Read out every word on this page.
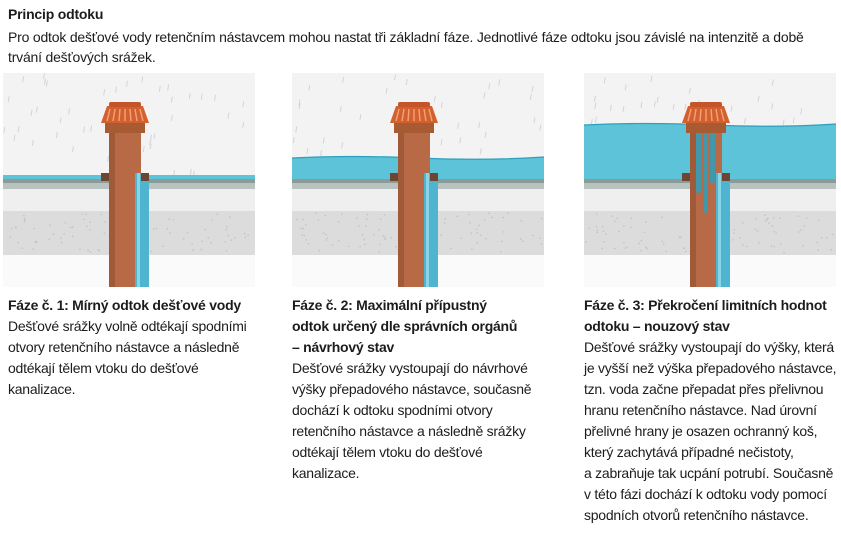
Princip odtoku
Pro odtok dešťové vody retenčním nástavcem mohou nastat tři základní fáze. Jednotlivé fáze odtoku jsou závislé na intenzitě a době
trvání dešťových srážek.
Fáze č. 1: Mírný odtok dešťové vody
Dešťové srážky volně odtékají spodními
otvory retenčního nástavce a následně
odtékají tělem vtoku do dešťové
kanalizace.
Fáze č. 2: Maximální přípustný
odtok určený dle správních orgánů
– návrhový stav
Dešťové srážky vystoupají do návrhové
výšky přepadového nástavce, současně
dochází k odtoku spodními otvory
retenčního nástavce a následně srážky
odtékají tělem vtoku do dešťové
kanalizace.
Fáze č. 3: Překročení limitních hodnot
odtoku – nouzový stav
Dešťové srážky vystoupají do výšky, která
je vyšší než výška přepadového nástavce,
tzn. voda začne přepadat přes přelivnou
hranu retenčního nástavce. Nad úrovní
přelivné hrany je osazen ochranný koš,
který zachytává případné nečistoty,
a zabraňuje tak ucpání potrubí. Současně
v této fázi dochází k odtoku vody pomocí
spodních otvorů retenčního nástavce.
